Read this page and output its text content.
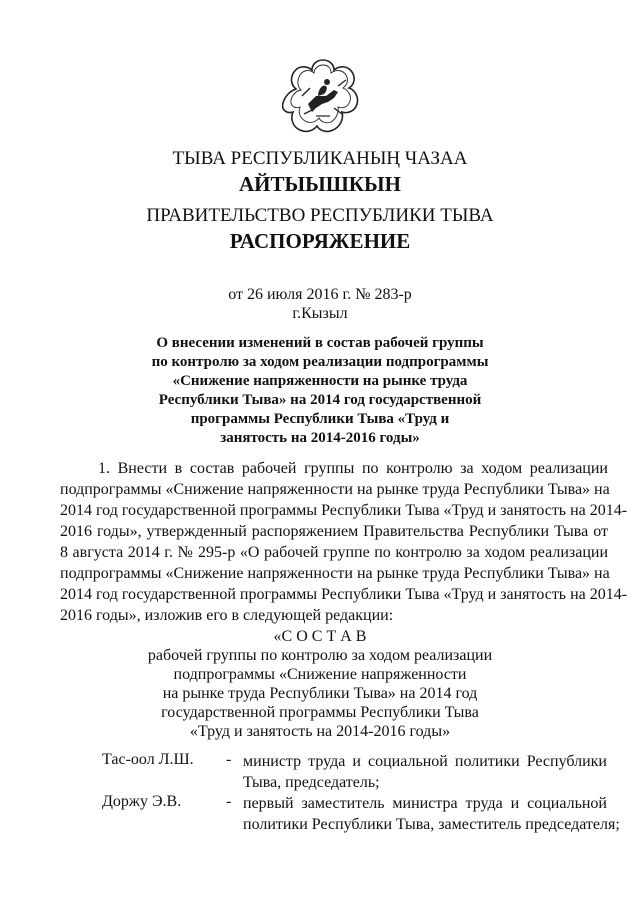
ТЫВА РЕСПУБЛИКАНЫҢ ЧАЗАА
АЙТЫЫШКЫН
ПРАВИТЕЛЬСТВО РЕСПУБЛИКИ ТЫВА
РАСПОРЯЖЕНИЕ
от 26 июля 2016 г. № 283-р
г.Кызыл
О внесении изменений в состав рабочей группы
по контролю за ходом реализации подпрограммы
«Снижение напряженности на рынке труда
Республики Тыва» на 2014 год государственной
программы Республики Тыва «Труд и
занятость на 2014-2016 годы»
1. Внести в состав рабочей группы по контролю за ходом реализации
подпрограммы «Снижение напряженности на рынке труда Республики Тыва» на
2014 год государственной программы Республики Тыва «Труд и занятость на 2014-
2016 годы», утвержденный распоряжением Правительства Республики Тыва от
8 августа 2014 г. № 295-р «О рабочей группе по контролю за ходом реализации
подпрограммы «Снижение напряженности на рынке труда Республики Тыва» на
2014 год государственной программы Республики Тыва «Труд и занятость на 2014-
2016 годы», изложив его в следующей редакции:
«С О С Т А В
рабочей группы по контролю за ходом реализации
подпрограммы «Снижение напряженности
на рынке труда Республики Тыва» на 2014 год
государственной программы Республики Тыва
«Труд и занятость на 2014-2016 годы»
Тас-оол Л.Ш. - министр труда и социальной политики Республики
Тыва, председатель;
Доржу Э.В.	- первый заместитель министра труда и социальной
политики Республики Тыва, заместитель председателя;
